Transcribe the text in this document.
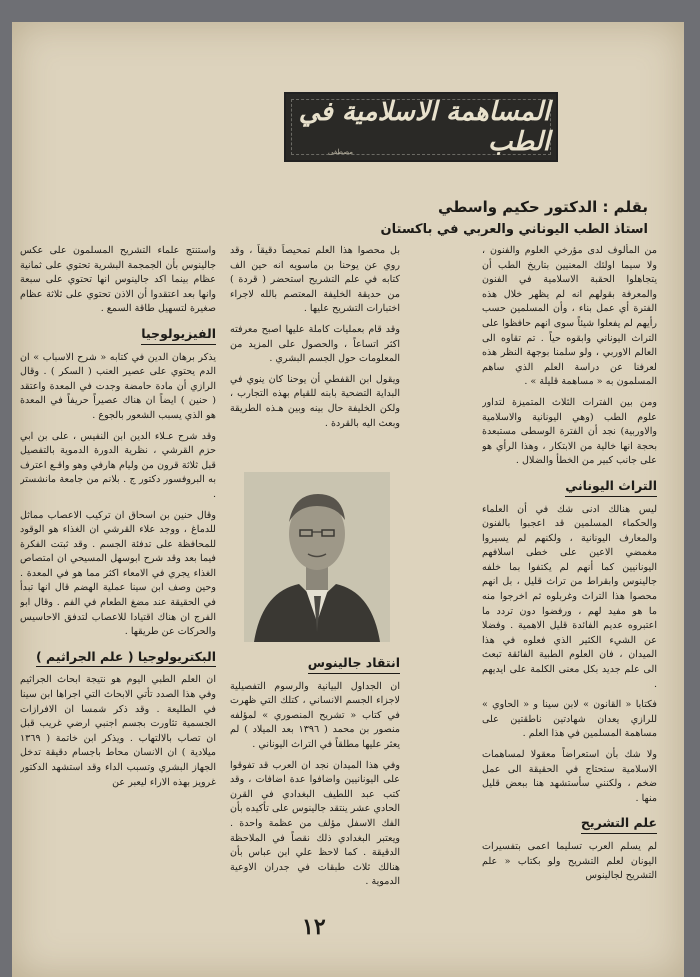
المساهمة الاسلامية في الطب
مصطفى
بقلم : الدكتور حكيم واسطي
استاذ الطب اليوناني والعربي في باكستان

من المألوف لدى مؤرخي العلوم والفنون ، ولا سيما اولئك المعنيين بتاريخ الطب أن يتجاهلوا الحقبة الاسلامية في الفنون والمعرفة بقولهم انه لم يظهر خلال هذه الفترة أي عمل بناء ، وأن المسلمين حسب رأيهم لم يفعلوا شيئاً سوى انهم حافظوا على التراث اليوناني وابقوه حياً . تم تقاوه الى العالم الاوربي ، ولو سلمنا بوجهة النظر هذه لعرفنا عن دراسة العلم الذي ساهم المسلمون به « مساهمة قليلة » .

ومن بين الفترات الثلاث المتميزة لتداور علوم الطب (وهي اليونانية والاسلامية والاوربية) نجد أن الفترة الوسطى مستبعدة بحجة انها خالية من الابتكار ، وهذا الرأي هو على جانب كبير من الخطأ والضلال .

التراث اليوناني

ليس هنالك ادنى شك في أن العلماء والحكماء المسلمين قد اعجبوا بالفنون والمعارف اليونانية ، ولكنهم لم يسيروا مغمضي الاعين على خطى اسلافهم اليونانيين كما أنهم لم يكتفوا بما خلفه جالينوس وابقراط من تراث قليل ، بل انهم محصوا هذا التراث وغربلوه ثم اخرجوا منه ما هو مفيد لهم ، ورفضوا دون تردد ما اعتبروه عديم الفائدة قليل الاهمية . وفضلا عن الشيء الكثير الذي فعلوه في هذا الميدان ، فان العلوم الطبية الفائقة تبعث الى علم جديد بكل معنى الكلمة على ايديهم .

فكتابا « القانون » لابن سينا و « الحاوي » للرازي يعدان شهادتين ناطقتين على مساهمة المسلمين في هذا العلم .

ولا شك بأن استعراضاً معقولا لمساهمات الاسلامية ستحتاج في الحقيقة الى عمل ضخم ، ولكنني سأستشهد هنا ببعض قليل منها .

علم التشريح

لم يسلم العرب تسليما اعمى بتفسيرات اليونان لعلم التشريح ولو بكتاب « علم التشريح لجالينوس

بل محصوا هذا العلم تمحيصاً دقيقاً ، وقد روي عن يوحنا بن ماسويه انه حين الف كتابه في علم التشريح استحضر ( قردة ) من حديقة الخليفة المعتصم بالله لاجراء اختبارات التشريح عليها .

وقد قام بعمليات كاملة عليها اصبح معرفته اكثر اتساعاً ، والحصول على المزيد من المعلومات حول الجسم البشري .

ويقول ابن القفطي أن يوحنا كان ينوي في البداية التضحية بابنه للقيام بهذه التجارب ، ولكن الخليفة حال بينه وبين هـذه الطريقة وبعث اليه بالقردة .

انتقاد جالينوس

ان الجداول البيانية والرسوم التفصيلية لاجزاء الجسم الانساني ، كتلك التي ظهرت في كتاب « تشريح المنصوري » لمؤلفه منصور بن محمد ( ١٣٩٦ بعد الميلاد ) لم يعثر عليها مطلقاً في التراث اليوناني .

وفي هذا الميدان نجد ان العرب قد تفوقوا على اليونانيين واضافوا عدة اضافات ، وقد كتب عبد اللطيف البغدادي في القرن الحادي عشر ينتقد جالينوس على تأكيده بأن الفك الاسفل مؤلف من عظمة واحدة . ويعتبر البغدادي ذلك نقصاً في الملاحظة الدقيقة . كما لاحظ علي ابن عباس بأن هنالك ثلاث طبقات في جدران الاوعية الدموية .

واستنتج علماء التشريح المسلمون على عكس جالينوس بأن الجمجمة البشرية تحتوي على ثمانية عظام بينما اكد جالينوس انها تحتوي على سبعة وانها بعد اعتقدوا أن الاذن تحتوي على ثلاثة عظام صغيرة لتسهيل طاقة السمع .

الفيزيولوجيا

يذكر برهان الدين في كتابه « شرح الاسباب » ان الدم يحتوي على عصير العنب ( السكر ) . وقال الرازي أن مادة حامضة وجدت في المعدة واعتقد ( حنين ) ايضاً ان هناك عصيراً حريفاً في المعدة هو الذي يسبب الشعور بالجوع .

وقد شرح عـلاء الدين ابن النفيس ، على بن ابي حزم القرشي ، نظرية الدورة الدموية بالتفصيل قبل ثلاثة قرون من وليام هارفي وهو واقـع اعترف به البروفسور دكتور ج . بلانم من جامعة مانشستر .

وقال حنين بن اسحاق ان تركيب الاعصاب مماثل للدماغ ، ووجد علاء القرشي ان الغذاء هو الوقود للمحافظة على تدفئة الجسم . وقد ثبتت الفكرة فيما بعد وقد شرح ابوسهل المسيحي ان امتصاص الغذاء يجري في الامعاء اكثر مما هو في المعدة . وحين وصف ابن سينا عملية الهضم قال انها تبدأ في الحقيقة عند مضغ الطعام في الفم . وقال ابو الفرج ان هناك اقتيادا للاعصاب لتدفق الاحاسيس والحركات عن طريقها .

البكتريولوجيا ( علم الجراثيم )

ان العلم الطبي اليوم هو نتيجة ابحاث الجراثيم وفي هذا الصدد تأتي الابحاث التي اجراها ابن سينا في الطليعة . وقد ذكر شمسا ان الافرازات الجسمية تثاورت بجسم اجنبي ارضي غريب قبل ان تصاب بالالتهاب . ويذكر ابن خاتمة ( ١٣٦٩ ميلادية ) ان الانسان محاط باجسام دقيقة تدخل الجهاز البشري وتسبب الداء وقد استشهد الدكتور غرويز بهذه الاراء ليعبر عن

١٢
